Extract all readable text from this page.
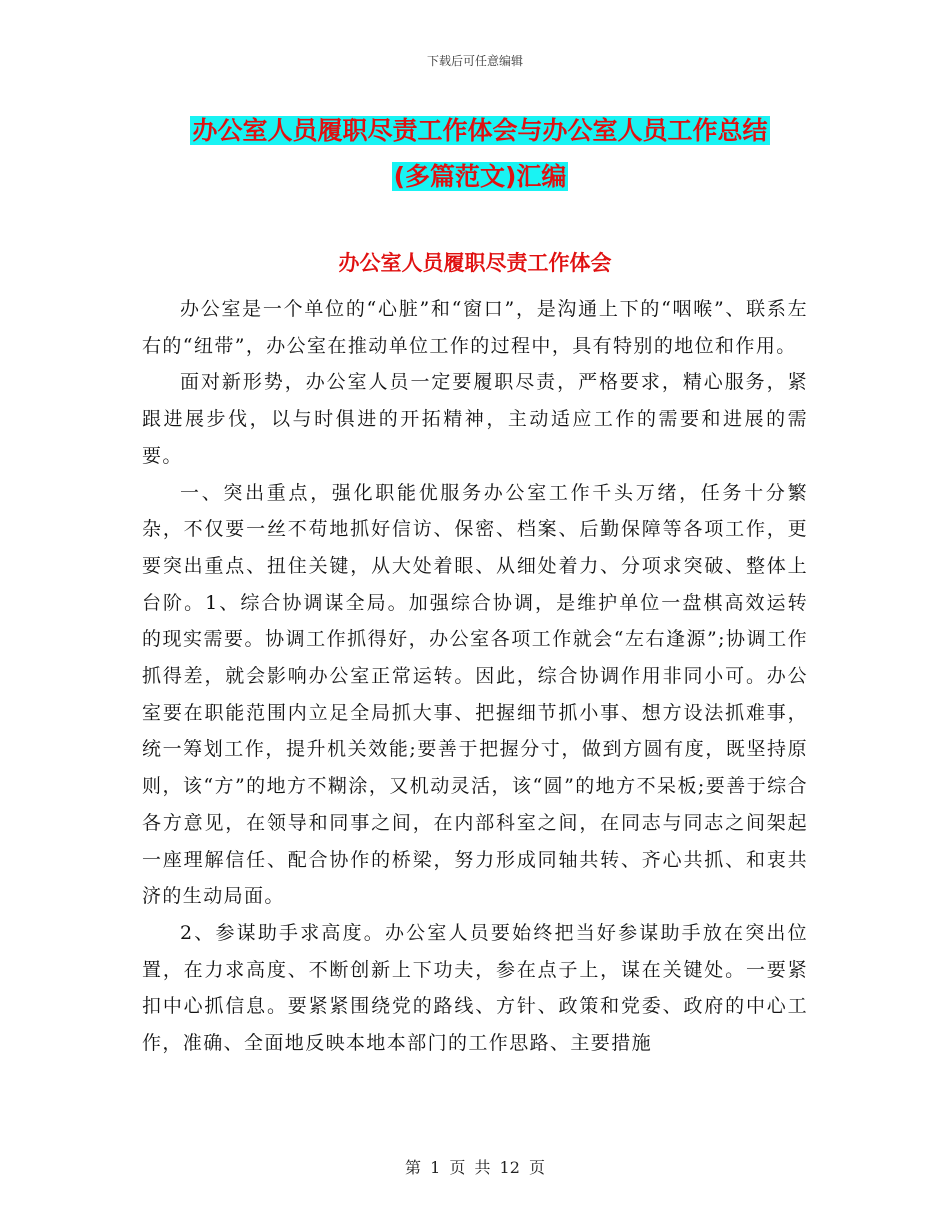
下载后可任意编辑
办公室人员履职尽责工作体会与办公室人员工作总结
(多篇范文)汇编
办公室人员履职尽责工作体会

办公室是一个单位的“心脏”和“窗口”，是沟通上下的“咽喉”、联系左右的“纽带”，办公室在推动单位工作的过程中，具有特别的地位和作用。

面对新形势，办公室人员一定要履职尽责，严格要求，精心服务，紧跟进展步伐，以与时俱进的开拓精神，主动适应工作的需要和进展的需要。

一、突出重点，强化职能优服务办公室工作千头万绪，任务十分繁杂，不仅要一丝不苟地抓好信访、保密、档案、后勤保障等各项工作，更要突出重点、扭住关键，从大处着眼、从细处着力、分项求突破、整体上台阶。1、综合协调谋全局。加强综合协调，是维护单位一盘棋高效运转的现实需要。协调工作抓得好，办公室各项工作就会“左右逢源”;协调工作抓得差，就会影响办公室正常运转。因此，综合协调作用非同小可。办公室要在职能范围内立足全局抓大事、把握细节抓小事、想方设法抓难事，统一筹划工作，提升机关效能;要善于把握分寸，做到方圆有度，既坚持原则，该“方”的地方不糊涂，又机动灵活，该“圆”的地方不呆板;要善于综合各方意见，在领导和同事之间，在内部科室之间，在同志与同志之间架起一座理解信任、配合协作的桥梁，努力形成同轴共转、齐心共抓、和衷共济的生动局面。

2、参谋助手求高度。办公室人员要始终把当好参谋助手放在突出位置，在力求高度、不断创新上下功夫，参在点子上，谋在关键处。一要紧扣中心抓信息。要紧紧围绕党的路线、方针、政策和党委、政府的中心工作，准确、全面地反映本地本部门的工作思路、主要措施

第 1 页 共 12 页
